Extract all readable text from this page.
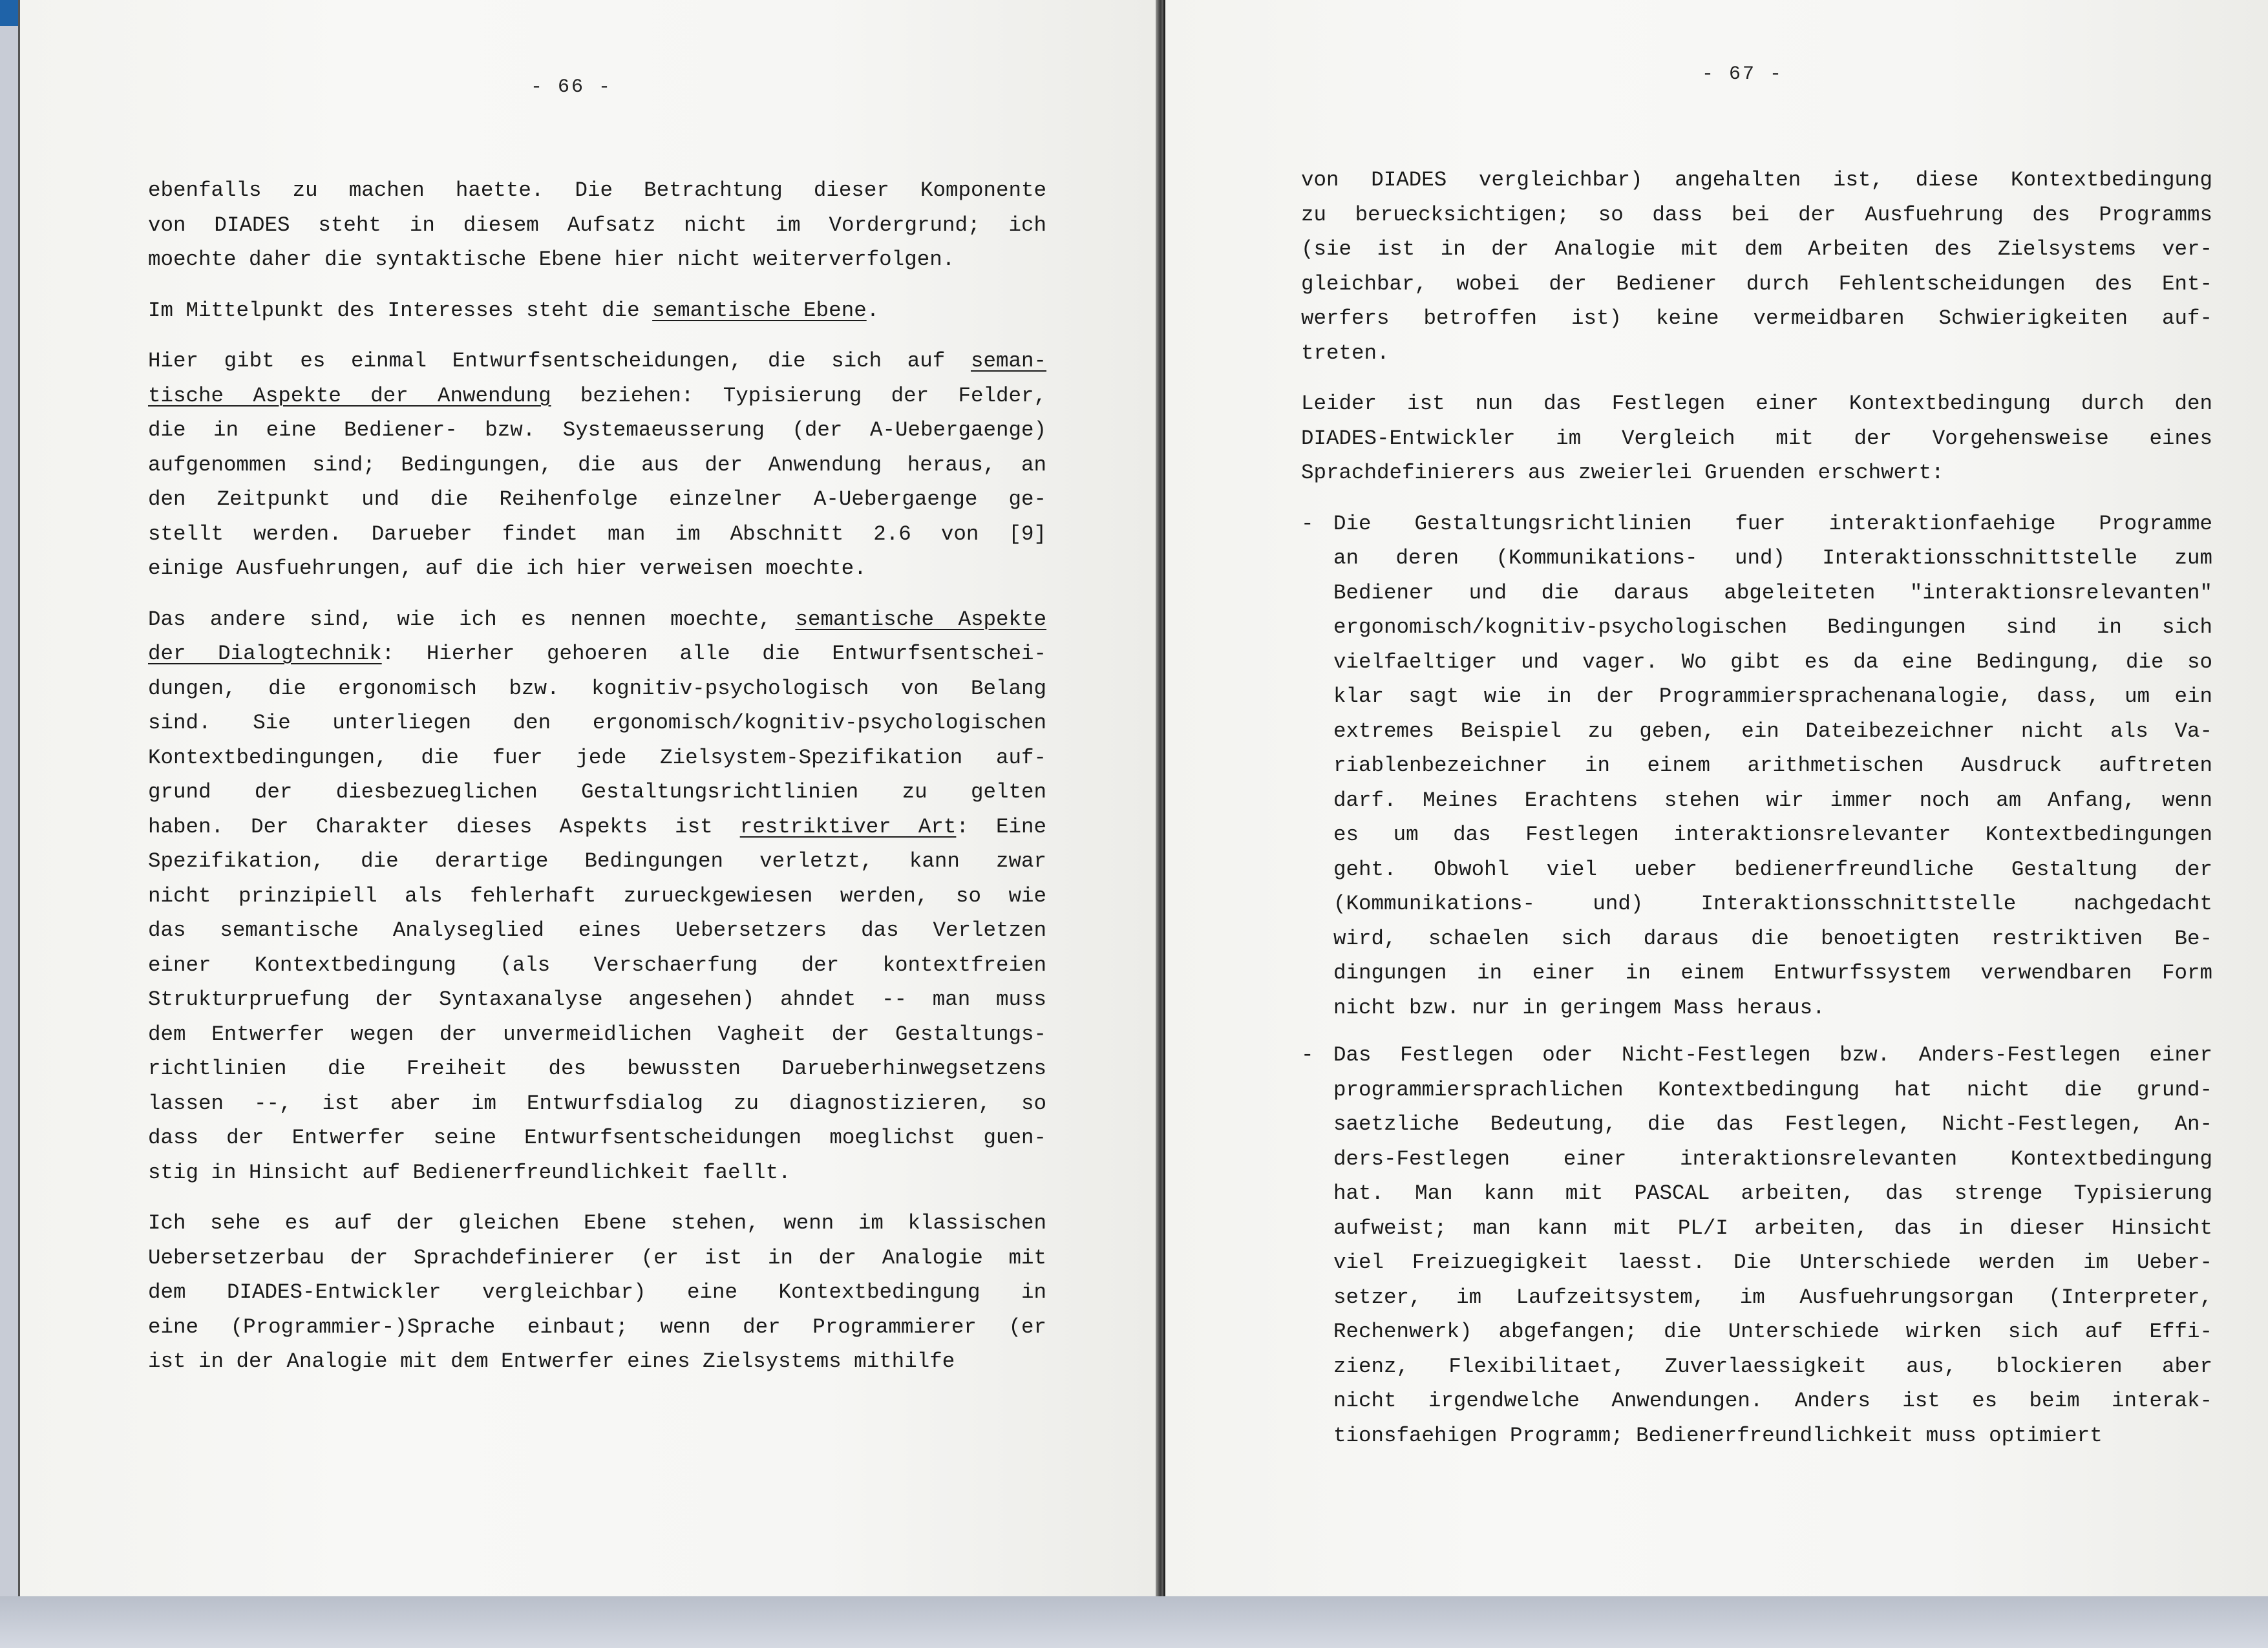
- 66 -
ebenfalls zu machen haette. Die Betrachtung dieser Komponente
von DIADES steht in diesem Aufsatz nicht im Vordergrund; ich
moechte daher die syntaktische Ebene hier nicht weiterverfolgen.
Im Mittelpunkt des Interesses steht die semantische Ebene.
Hier gibt es einmal Entwurfsentscheidungen, die sich auf seman-
tische Aspekte der Anwendung beziehen: Typisierung der Felder,
die in eine Bediener- bzw. Systemaeusserung (der A-Uebergaenge)
aufgenommen sind; Bedingungen, die aus der Anwendung heraus, an
den Zeitpunkt und die Reihenfolge einzelner A-Uebergaenge ge-
stellt werden. Darueber findet man im Abschnitt 2.6 von [9]
einige Ausfuehrungen, auf die ich hier verweisen moechte.
Das andere sind, wie ich es nennen moechte, semantische Aspekte
der Dialogtechnik: Hierher gehoeren alle die Entwurfsentschei-
dungen, die ergonomisch bzw. kognitiv-psychologisch von Belang
sind. Sie unterliegen den ergonomisch/kognitiv-psychologischen
Kontextbedingungen, die fuer jede Zielsystem-Spezifikation auf-
grund der diesbezueglichen Gestaltungsrichtlinien zu gelten
haben. Der Charakter dieses Aspekts ist restriktiver Art: Eine
Spezifikation, die derartige Bedingungen verletzt, kann zwar
nicht prinzipiell als fehlerhaft zurueckgewiesen werden, so wie
das semantische Analyseglied eines Uebersetzers das Verletzen
einer Kontextbedingung (als Verschaerfung der kontextfreien
Strukturpruefung der Syntaxanalyse angesehen) ahndet -- man muss
dem Entwerfer wegen der unvermeidlichen Vagheit der Gestaltungs-
richtlinien die Freiheit des bewussten Darueberhinwegsetzens
lassen --, ist aber im Entwurfsdialog zu diagnostizieren, so
dass der Entwerfer seine Entwurfsentscheidungen moeglichst guen-
stig in Hinsicht auf Bedienerfreundlichkeit faellt.
Ich sehe es auf der gleichen Ebene stehen, wenn im klassischen
Uebersetzerbau der Sprachdefinierer (er ist in der Analogie mit
dem DIADES-Entwickler vergleichbar) eine Kontextbedingung in
eine (Programmier-)Sprache einbaut; wenn der Programmierer (er
ist in der Analogie mit dem Entwerfer eines Zielsystems mithilfe
- 67 -
von DIADES vergleichbar) angehalten ist, diese Kontextbedingung
zu beruecksichtigen; so dass bei der Ausfuehrung des Programms
(sie ist in der Analogie mit dem Arbeiten des Zielsystems ver-
gleichbar, wobei der Bediener durch Fehlentscheidungen des Ent-
werfers betroffen ist) keine vermeidbaren Schwierigkeiten auf-
treten.
Leider ist nun das Festlegen einer Kontextbedingung durch den
DIADES-Entwickler im Vergleich mit der Vorgehensweise eines
Sprachdefinierers aus zweierlei Gruenden erschwert:
- Die Gestaltungsrichtlinien fuer interaktionfaehige Programme
an deren (Kommunikations- und) Interaktionsschnittstelle zum
Bediener und die daraus abgeleiteten "interaktionsrelevanten"
ergonomisch/kognitiv-psychologischen Bedingungen sind in sich
vielfaeltiger und vager. Wo gibt es da eine Bedingung, die so
klar sagt wie in der Programmiersprachenanalogie, dass, um ein
extremes Beispiel zu geben, ein Dateibezeichner nicht als Va-
riablenbezeichner in einem arithmetischen Ausdruck auftreten
darf. Meines Erachtens stehen wir immer noch am Anfang, wenn
es um das Festlegen interaktionsrelevanter Kontextbedingungen
geht. Obwohl viel ueber bedienerfreundliche Gestaltung der
(Kommunikations- und) Interaktionsschnittstelle nachgedacht
wird, schaelen sich daraus die benoetigten restriktiven Be-
dingungen in einer in einem Entwurfssystem verwendbaren Form
nicht bzw. nur in geringem Mass heraus.
- Das Festlegen oder Nicht-Festlegen bzw. Anders-Festlegen einer
programmiersprachlichen Kontextbedingung hat nicht die grund-
saetzliche Bedeutung, die das Festlegen, Nicht-Festlegen, An-
ders-Festlegen einer interaktionsrelevanten Kontextbedingung
hat. Man kann mit PASCAL arbeiten, das strenge Typisierung
aufweist; man kann mit PL/I arbeiten, das in dieser Hinsicht
viel Freizuegigkeit laesst. Die Unterschiede werden im Ueber-
setzer, im Laufzeitsystem, im Ausfuehrungsorgan (Interpreter,
Rechenwerk) abgefangen; die Unterschiede wirken sich auf Effi-
zienz, Flexibilitaet, Zuverlaessigkeit aus, blockieren aber
nicht irgendwelche Anwendungen. Anders ist es beim interak-
tionsfaehigen Programm; Bedienerfreundlichkeit muss optimiert
